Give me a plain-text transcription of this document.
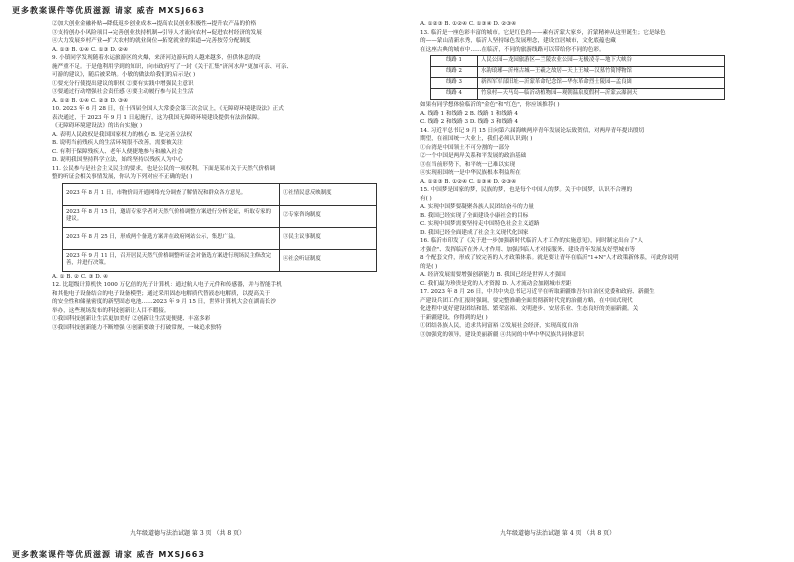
更多教案课件等优质滋源 请家 威杳 MXSJ663
②加大创业金融补贴→降低返乡创业成本→提高农民创业积极性→提升农产品的价格
③支持创办小风险项目→完善创业扶持机制→引导人才流向农村→促进农村经济的发展
④大力发展乡村产业→扩大农村的就业岗位→拓宽就业的渠道→完善按劳分配制度
A. ①③ B. ①④ C. ①③ D. ②④
9. 小镇同学发现随着水运旅游区的火爆，来济河边游玩的人越来越多，但供休息的设
施严重不足。于是他利用学到的知识，向市政府写了一封《关于汇集"济河水岸"更加可亲、可亲、
可游的建议》，随后被采纳。小敏的做法给我们的启示是( )
①要充分行使提出建议的职权 ②要有实践中增强民主意识
③要通过行动增强社会责任感 ④要主动履行参与民主生活
A. ①② B. ①④ C. ②③ D. ③④
10. 2023 年 6 月 28 日，在十四届全国人大常委会第三次会议上，《无障碍环境建设法》正式
表决通过，于 2023 年 9 月 1 日起施行，这为我国无障碍环境建设提供有法治保障。
《无障碍环境建设法》的出台实施( )
A. 表明人民政权是我国国家权力的核心 B. 是完善立法权
B. 说明当前残疾人的生活环境很不改善，需要被关注
C. 有利于保障残疾人、老年人便捷地参与和融入社会
D. 说明我国坚持科学立法，始终坚持以残疾人为中心
11. 公民参与是社会主义民主的要求，也是公民的一项权利。下面是某市关于天然气价格调
整的听证会相关事情发展，你认为下列对应不正确的是( )
2023 年 8 月 1 日，市物价局开通网络充分调查了解情况和群众各方意见。	①社情民意反映制度
2023 年 8 月 15 日，邀请专家学者对天然气价格调整方案进行分析论证，听取专家的建议。	②专家咨询制度
2023 年 8 月 25 日，形成两个备选方案并在政府网站公示，集思广益。	③民主议事制度
2023 年 9 月 11 日，召开居民天然气价格调整听证会对备选方案进行现场民主修改完善，并进行决策。	④社会听证制度
A. ① B. ② C. ③ D. ④
12. 比超级计算机快 1000 万亿倍的光子计算机：通过航人电子元件和传感器，并与智能手机
和其他电子设备结合的电子设备模型；通过采用固态电解质代替液态电解质，以提高关于
的安全性和储量密度的新型固态电池……2023 年 9 月 15 日，世界计算机大会在湖南长沙
举办，这些现场发布的科技创新让人目不暇接。
①我国科技创新让生活更加美好 ②创新让生活更便捷、丰富多彩
③我国科技创新能力不断增强 ④创新要敢于打破常规，一味追求独特
九年级道德与法治试题 第 3 页 （共 8 页）
A. ①②③ B. ①②④ C. ①③④ D. ②③④
13. 临沂是一座色彩丰富的城市。它是红色的——素有沂蒙大家乡，沂蒙精神从这里诞生；它是绿色
的——蒙山清新水秀，临沂人坚持绿色发展理念，建设宜居城市，文化底蕴也藏
在这座古典的城市中……在临沂，不同的旅游线路可以带给你不同的色彩。
线路 1	人民公园—龙园旅游区—兰陵农业公园—无极凌寺—地下大峡谷
线路 2	水韵琅琊—沂州古城—王羲之故居—天上王城—汉墓竹简博物馆
线路 3	新四军军部旧址—沂蒙革命纪念馆—华东革命烈士陵园—孟良崮
线路 4	竹泉村—天马岛—临沂动植物园—观朝温泉度假村—沂蒙云瀑洞天
如果有同学想体验临沂的"金色"和"红色"，你应该推荐( )
A. 线路 1 和线路 2 B. 线路 1 和线路 4
C. 线路 2 和线路 3 D. 线路 3 和线路 4
14. 习近平总书记 9 月 15 日向第六届海峡两岸青年发展论坛致贺信，对两岸青年提出殷切
期望，在祖国统一大业上，我们必须认识到( )
①台湾是中国领土不可分割的一部分
②一个中国是两岸关系和平发展的政治基础
③在当前形势下，和平统一已难以实现
④实现祖国统一是中华民族根本利益所在
A. ①②③ B. ①②④ C. ①③④ D. ②③④
15. 中国梦是国家的梦，民族的梦，也是每个中国人的梦。关于中国梦，认识不合理的
有( )
A. 实现中国梦要凝聚各族人民团结奋斗的力量
B. 我国已经实现了全面建设小康社会的目标
C. 实现中国梦需要坚持走中国特色社会主义道路
D. 我国已经全面建成了社会主义现代化国家
16. 临沂市印发了《关于进一步加强新时代临沂人才工作的实施意见》，同时制定出台了"人
才强企"、发挥临沂在外人才作用、加强涉临人才对接服务、建设青年发展友好型城市等
8 个配套文件，形成了较完善的人才政策体系。就是要让青年在临沂"1+N"人才政策新体系，可此你说明
的是( )
A. 经济发展需要增强创新能力 B. 我国已经是世界人才强国
C. 我们最为珍贵是党的人才资源 D. 人才流动会加剧城市差距
17. 2023 年 8 月 26 日，中共中央总书记习近平在听取新疆维吾尔自治区党委和政府、新疆生
产建设兵团工作汇报时强调，要完整准确全面贯彻新时代党的治疆方略，在中国式现代
化进程中更好建设团结和谐、繁荣富裕、文明进步、安居乐业、生态良好的美丽新疆。关
于新疆建设，你得到的是( )
①团结各族人民，追求共同富裕 ②发展社会经济，实现高度自治
③加强党的领导，建设美丽新疆 ④共同的中华中华民族共同体意识
九年级道德与法治试题 第 4 页 （共 8 页）
更多教案课件等优质滋源 请家 威杳 MXSJ663
